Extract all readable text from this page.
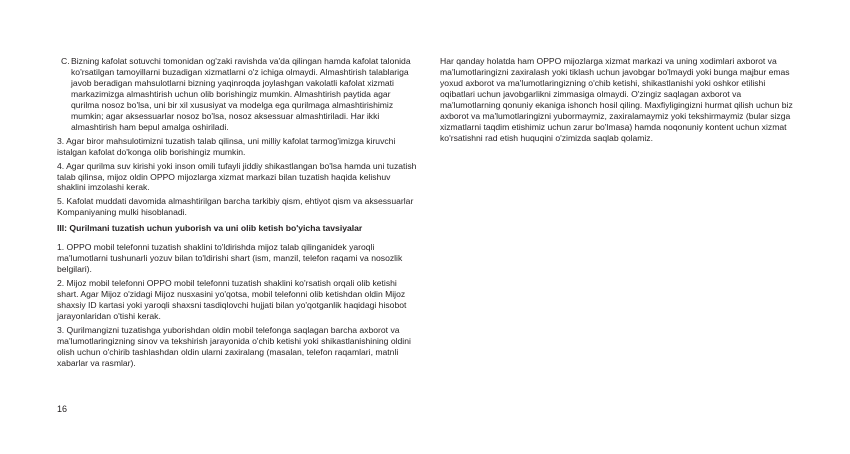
C.Bizning kafolat sotuvchi tomonidan og'zaki ravishda va'da qilingan hamda kafolat talonida ko'rsatilgan tamoyillarni buzadigan xizmatlarni o'z ichiga olmaydi. Almashtirish talablariga javob beradigan mahsulotlarni bizning yaqinroqda joylashgan vakolatli kafolat xizmati markazimizga almashtirish uchun olib borishingiz mumkin. Almashtirish paytida agar qurilma nosoz bo'lsa, uni bir xil xususiyat va modelga ega qurilmaga almashtirishimiz mumkin; agar aksessuarlar nosoz bo'lsa, nosoz aksessuar almashtiriladi. Har ikki almashtirish ham bepul amalga oshiriladi.

3. Agar biror mahsulotimizni tuzatish talab qilinsa, uni milliy kafolat tarmog'imizga kiruvchi istalgan kafolat do'konga olib borishingiz mumkin.

4. Agar qurilma suv kirishi yoki inson omili tufayli jiddiy shikastlangan bo'lsa hamda uni tuzatish talab qilinsa, mijoz oldin OPPO mijozlarga xizmat markazi bilan tuzatish haqida kelishuv shaklini imzolashi kerak.

5. Kafolat muddati davomida almashtirilgan barcha tarkibiy qism, ehtiyot qism va aksessuarlar Kompaniyaning mulki hisoblanadi.

III: Qurilmani tuzatish uchun yuborish va uni olib ketish bo'yicha tavsiyalar

1. OPPO mobil telefonni tuzatish shaklini to'ldirishda mijoz talab qilinganidek yaroqli ma'lumotlarni tushunarli yozuv bilan to'ldirishi shart (ism, manzil, telefon raqami va nosozlik belgilari).

2. Mijoz mobil telefonni OPPO mobil telefonni tuzatish shaklini ko'rsatish orqali olib ketishi shart. Agar Mijoz o'zidagi Mijoz nusxasini yo'qotsa, mobil telefonni olib ketishdan oldin Mijoz shaxsiy ID kartasi yoki yaroqli shaxsni tasdiqlovchi hujjati bilan yo'qotganlik haqidagi hisobot jarayonlaridan o'tishi kerak.

3. Qurilmangizni tuzatishga yuborishdan oldin mobil telefonga saqlagan barcha axborot va ma'lumotlaringizning sinov va tekshirish jarayonida o'chib ketishi yoki shikastlanishining oldini olish uchun o'chirib tashlashdan oldin ularni zaxiralang (masalan, telefon raqamlari, matnli xabarlar va rasmlar).

Har qanday holatda ham OPPO mijozlarga xizmat markazi va uning xodimlari axborot va ma'lumotlaringizni zaxiralash yoki tiklash uchun javobgar bo'lmaydi yoki bunga majbur emas yoxud axborot va ma'lumotlaringizning o'chib ketishi, shikastlanishi yoki oshkor etilishi oqibatlari uchun javobgarlikni zimmasiga olmaydi. O'zingiz saqlagan axborot va ma'lumotlarning qonuniy ekaniga ishonch hosil qiling. Maxfiyligingizni hurmat qilish uchun biz axborot va ma'lumotlaringizni yubormaymiz, zaxiralamaymiz yoki tekshirmaymiz (bular sizga xizmatlarni taqdim etishimiz uchun zarur bo'lmasa) hamda noqonuniy kontent uchun xizmat ko'rsatishni rad etish huquqini o'zimizda saqlab qolamiz.

16
